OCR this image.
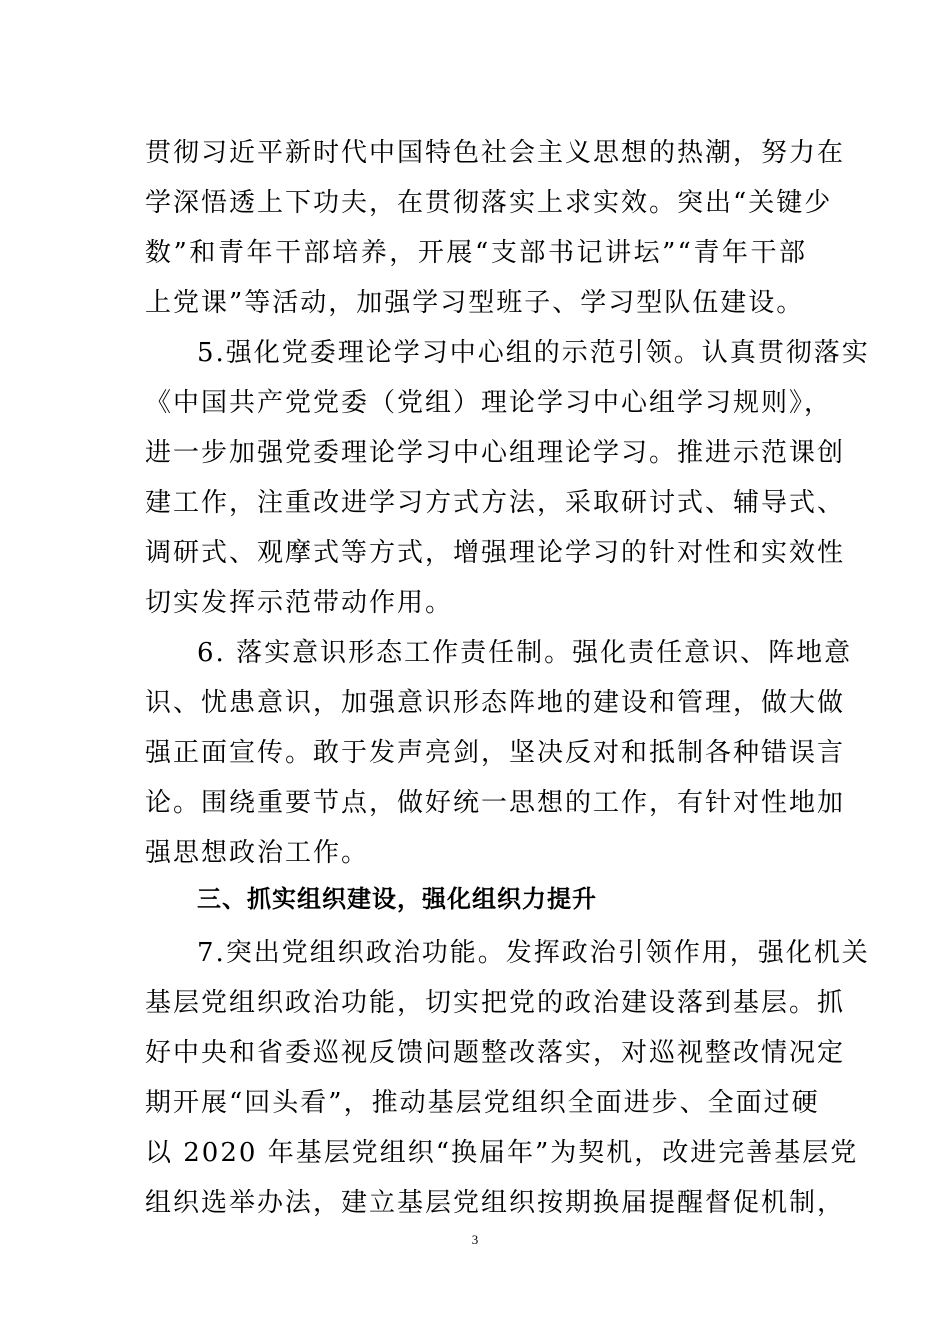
贯彻习近平新时代中国特色社会主义思想的热潮，努力在
学深悟透上下功夫，在贯彻落实上求实效。突出“关键少
数”和青年干部培养，开展“支部书记讲坛”“青年干部
上党课”等活动，加强学习型班子、学习型队伍建设。
5.强化党委理论学习中心组的示范引领。认真贯彻落实
《中国共产党党委（党组）理论学习中心组学习规则》，
进一步加强党委理论学习中心组理论学习。推进示范课创
建工作，注重改进学习方式方法，采取研讨式、辅导式、
调研式、观摩式等方式，增强理论学习的针对性和实效性
切实发挥示范带动作用。
6. 落实意识形态工作责任制。强化责任意识、阵地意
识、忧患意识，加强意识形态阵地的建设和管理，做大做
强正面宣传。敢于发声亮剑，坚决反对和抵制各种错误言
论。围绕重要节点，做好统一思想的工作，有针对性地加
强思想政治工作。
三、抓实组织建设，强化组织力提升
7.突出党组织政治功能。发挥政治引领作用，强化机关
基层党组织政治功能，切实把党的政治建设落到基层。抓
好中央和省委巡视反馈问题整改落实，对巡视整改情况定
期开展“回头看”，推动基层党组织全面进步、全面过硬
以 2020 年基层党组织“换届年”为契机，改进完善基层党
组织选举办法，建立基层党组织按期换届提醒督促机制，
3
